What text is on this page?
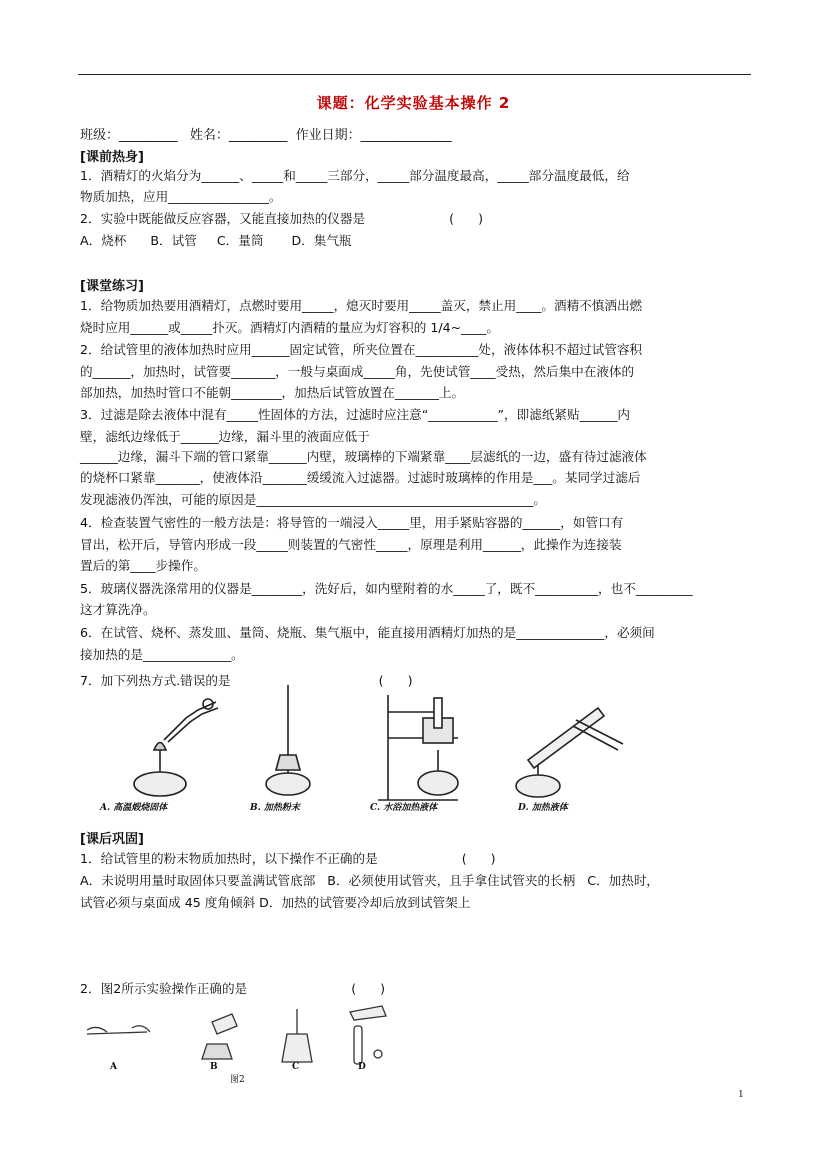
课题：化学实验基本操作 2
班级：_________   姓名：_________  作业日期：______________
[课前热身]
1．酒精灯的火焰分为______、_____和_____三部分，_____部分温度最高，_____部分温度最低，给
物质加热，应用________________。
2．实验中既能做反应容器，又能直接加热的仪器是                     (      )
A．烧杯      B．试管     C．量筒       D．集气瓶
[课堂练习]
1．给物质加热要用酒精灯，点燃时要用_____，熄灭时要用_____盖灭，禁止用____。酒精不慎洒出燃
烧时应用______或_____扑灭。酒精灯内酒精的量应为灯容积的 1/4~____。
2．给试管里的液体加热时应用______固定试管，所夹位置在__________处，液体体积不超过试管容积
的______，加热时，试管要_______，一般与桌面成_____角，先使试管____受热，然后集中在液体的
部加热，加热时管口不能朝________，加热后试管放置在_______上。
3．过滤是除去液体中混有_____性固体的方法，过滤时应注意“___________”，即滤纸紧贴______内
壁，滤纸边缘低于______边缘，漏斗里的液面应低于
______边缘，漏斗下端的管口紧靠______内壁，玻璃棒的下端紧靠____层滤纸的一边，盛有待过滤液体
的烧杯口紧靠_______，使液体沿_______缓缓流入过滤器。过滤时玻璃棒的作用是___。某同学过滤后
发现滤液仍浑浊，可能的原因是____________________________________________。
4．检查装置气密性的一般方法是：将导管的一端浸入_____里，用手紧贴容器的______，如管口有
冒出，松开后，导管内形成一段_____则装置的气密性_____，原理是利用______，此操作为连接装
置后的第____步操作。
5．玻璃仪器洗涤常用的仪器是________，洗好后，如内壁附着的水_____了，既不__________，也不_________
这才算洗净。
6．在试管、烧杯、蒸发皿、量筒、烧瓶、集气瓶中，能直接用酒精灯加热的是______________，必须间
接加热的是______________。
7．加下列热方式.错误的是                                     (      )
A. 高温煅烧固体	B. 加热粉末	C. 水浴加热液体	D. 加热液体
[课后巩固]
1．给试管里的粉末物质加热时，以下操作不正确的是                     (      )
A．未说明用量时取固体只要盖满试管底部   B．必须使用试管夹，且手拿住试管夹的长柄   C．加热时，
试管必须与桌面成 45 度角倾斜 D．加热的试管要冷却后放到试管架上
2．图2所示实验操作正确的是                          (      )
A	B	C	D
图2
1
